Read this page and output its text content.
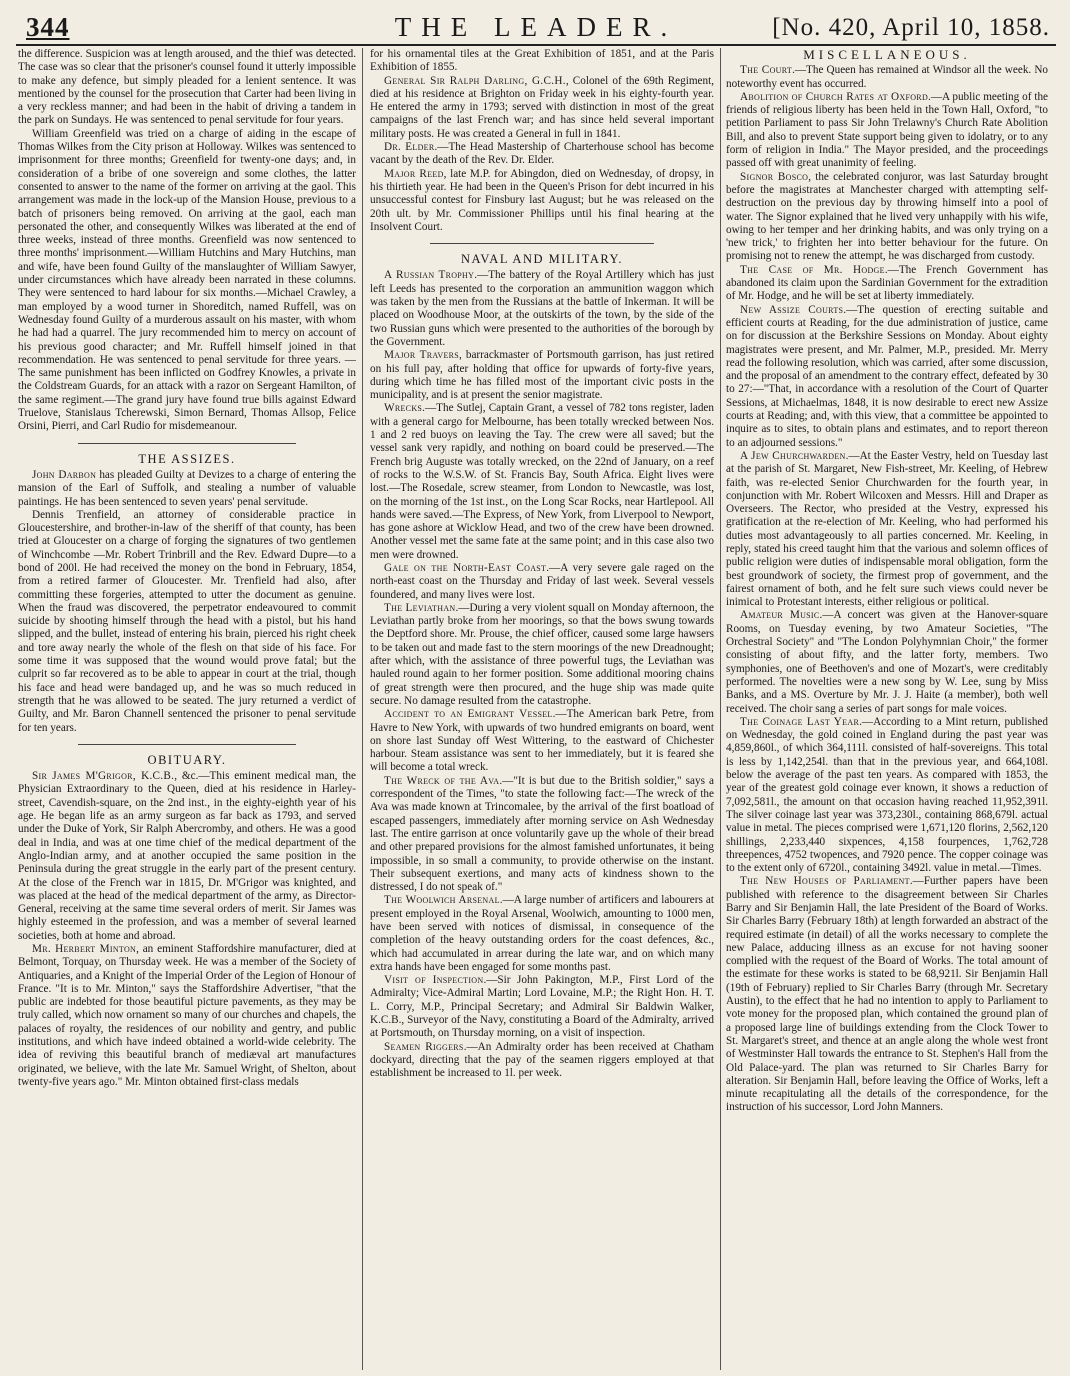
344	THE LEADER.	[No. 420, April 10, 1858.

the difference. Suspicion was at length aroused, and the thief was detected. The case was so clear that the prisoner's counsel found it utterly impossible to make any defence, but simply pleaded for a lenient sentence. It was mentioned by the counsel for the prosecution that Carter had been living in a very reckless manner; and had been in the habit of driving a tandem in the park on Sundays. He was sentenced to penal servitude for four years.

William Greenfield was tried on a charge of aiding in the escape of Thomas Wilkes from the City prison at Holloway. Wilkes was sentenced to imprisonment for three months; Greenfield for twenty-one days; and, in consideration of a bribe of one sovereign and some clothes, the latter consented to answer to the name of the former on arriving at the gaol. This arrangement was made in the lock-up of the Mansion House, previous to a batch of prisoners being removed. On arriving at the gaol, each man personated the other, and consequently Wilkes was liberated at the end of three weeks, instead of three months. Greenfield was now sentenced to three months' imprisonment.—William Hutchins and Mary Hutchins, man and wife, have been found Guilty of the manslaughter of William Sawyer, under circumstances which have already been narrated in these columns. They were sentenced to hard labour for six months.—Michael Crawley, a man employed by a wood turner in Shoreditch, named Ruffell, was on Wednesday found Guilty of a murderous assault on his master, with whom he had had a quarrel. The jury recommended him to mercy on account of his previous good character; and Mr. Ruffell himself joined in that recommendation. He was sentenced to penal servitude for three years. —The same punishment has been inflicted on Godfrey Knowles, a private in the Coldstream Guards, for an attack with a razor on Sergeant Hamilton, of the same regiment.—The grand jury have found true bills against Edward Truelove, Stanislaus Tcherewski, Simon Bernard, Thomas Allsop, Felice Orsini, Pierri, and Carl Rudio for misdemeanour.

THE ASSIZES.

John Darbon has pleaded Guilty at Devizes to a charge of entering the mansion of the Earl of Suffolk, and stealing a number of valuable paintings. He has been sentenced to seven years' penal servitude.

Dennis Trenfield, an attorney of considerable practice in Gloucestershire, and brother-in-law of the sheriff of that county, has been tried at Gloucester on a charge of forging the signatures of two gentlemen of Winchcombe —Mr. Robert Trinbrill and the Rev. Edward Dupre—to a bond of 200l. He had received the money on the bond in February, 1854, from a retired farmer of Gloucester. Mr. Trenfield had also, after committing these forgeries, attempted to utter the document as genuine. When the fraud was discovered, the perpetrator endeavoured to commit suicide by shooting himself through the head with a pistol, but his hand slipped, and the bullet, instead of entering his brain, pierced his right cheek and tore away nearly the whole of the flesh on that side of his face. For some time it was supposed that the wound would prove fatal; but the culprit so far recovered as to be able to appear in court at the trial, though his face and head were bandaged up, and he was so much reduced in strength that he was allowed to be seated. The jury returned a verdict of Guilty, and Mr. Baron Channell sentenced the prisoner to penal servitude for ten years.

OBITUARY.

Sir James M'Grigor, K.C.B., &c.—This eminent medical man, the Physician Extraordinary to the Queen, died at his residence in Harley-street, Cavendish-square, on the 2nd inst., in the eighty-eighth year of his age. He began life as an army surgeon as far back as 1793, and served under the Duke of York, Sir Ralph Abercromby, and others. He was a good deal in India, and was at one time chief of the medical department of the Anglo-Indian army, and at another occupied the same position in the Peninsula during the great struggle in the early part of the present century. At the close of the French war in 1815, Dr. M'Grigor was knighted, and was placed at the head of the medical department of the army, as Director-General, receiving at the same time several orders of merit. Sir James was highly esteemed in the profession, and was a member of several learned societies, both at home and abroad.

Mr. Herbert Minton, an eminent Staffordshire manufacturer, died at Belmont, Torquay, on Thursday week. He was a member of the Society of Antiquaries, and a Knight of the Imperial Order of the Legion of Honour of France. "It is to Mr. Minton," says the Staffordshire Advertiser, "that the public are indebted for those beautiful picture pavements, as they may be truly called, which now ornament so many of our churches and chapels, the palaces of royalty, the residences of our nobility and gentry, and public institutions, and which have indeed obtained a world-wide celebrity. The idea of reviving this beautiful branch of mediæval art manufactures originated, we believe, with the late Mr. Samuel Wright, of Shelton, about twenty-five years ago." Mr. Minton obtained first-class medals

for his ornamental tiles at the Great Exhibition of 1851, and at the Paris Exhibition of 1855.

General Sir Ralph Darling, G.C.H., Colonel of the 69th Regiment, died at his residence at Brighton on Friday week in his eighty-fourth year. He entered the army in 1793; served with distinction in most of the great campaigns of the last French war; and has since held several important military posts. He was created a General in full in 1841.

Dr. Elder.—The Head Mastership of Charterhouse school has become vacant by the death of the Rev. Dr. Elder.

Major Reed, late M.P. for Abingdon, died on Wednesday, of dropsy, in his thirtieth year. He had been in the Queen's Prison for debt incurred in his unsuccessful contest for Finsbury last August; but he was released on the 20th ult. by Mr. Commissioner Phillips until his final hearing at the Insolvent Court.

NAVAL AND MILITARY.

A Russian Trophy.—The battery of the Royal Artillery which has just left Leeds has presented to the corporation an ammunition waggon which was taken by the men from the Russians at the battle of Inkerman. It will be placed on Woodhouse Moor, at the outskirts of the town, by the side of the two Russian guns which were presented to the authorities of the borough by the Government.

Major Travers, barrackmaster of Portsmouth garrison, has just retired on his full pay, after holding that office for upwards of forty-five years, during which time he has filled most of the important civic posts in the municipality, and is at present the senior magistrate.

Wrecks.—The Sutlej, Captain Grant, a vessel of 782 tons register, laden with a general cargo for Melbourne, has been totally wrecked between Nos. 1 and 2 red buoys on leaving the Tay. The crew were all saved; but the vessel sank very rapidly, and nothing on board could be preserved.—The French brig Auguste was totally wrecked, on the 22nd of January, on a reef of rocks to the W.S.W. of St. Francis Bay, South Africa. Eight lives were lost.—The Rosedale, screw steamer, from London to Newcastle, was lost, on the morning of the 1st inst., on the Long Scar Rocks, near Hartlepool. All hands were saved.—The Express, of New York, from Liverpool to Newport, has gone ashore at Wicklow Head, and two of the crew have been drowned. Another vessel met the same fate at the same point; and in this case also two men were drowned.

Gale on the North-East Coast.—A very severe gale raged on the north-east coast on the Thursday and Friday of last week. Several vessels foundered, and many lives were lost.

The Leviathan.—During a very violent squall on Monday afternoon, the Leviathan partly broke from her moorings, so that the bows swung towards the Deptford shore. Mr. Prouse, the chief officer, caused some large hawsers to be taken out and made fast to the stern moorings of the new Dreadnought; after which, with the assistance of three powerful tugs, the Leviathan was hauled round again to her former position. Some additional mooring chains of great strength were then procured, and the huge ship was made quite secure. No damage resulted from the catastrophe.

Accident to an Emigrant Vessel.—The American bark Petre, from Havre to New York, with upwards of two hundred emigrants on board, went on shore last Sunday off West Wittering, to the eastward of Chichester harbour. Steam assistance was sent to her immediately, but it is feared she will become a total wreck.

The Wreck of the Ava.—"It is but due to the British soldier," says a correspondent of the Times, "to state the following fact:—The wreck of the Ava was made known at Trincomalee, by the arrival of the first boatload of escaped passengers, immediately after morning service on Ash Wednesday last. The entire garrison at once voluntarily gave up the whole of their bread and other prepared provisions for the almost famished unfortunates, it being impossible, in so small a community, to provide otherwise on the instant. Their subsequent exertions, and many acts of kindness shown to the distressed, I do not speak of."

The Woolwich Arsenal.—A large number of artificers and labourers at present employed in the Royal Arsenal, Woolwich, amounting to 1000 men, have been served with notices of dismissal, in consequence of the completion of the heavy outstanding orders for the coast defences, &c., which had accumulated in arrear during the late war, and on which many extra hands have been engaged for some months past.

Visit of Inspection.—Sir John Pakington, M.P., First Lord of the Admiralty; Vice-Admiral Martin; Lord Lovaine, M.P.; the Right Hon. H. T. L. Corry, M.P., Principal Secretary; and Admiral Sir Baldwin Walker, K.C.B., Surveyor of the Navy, constituting a Board of the Admiralty, arrived at Portsmouth, on Thursday morning, on a visit of inspection.

Seamen Riggers.—An Admiralty order has been received at Chatham dockyard, directing that the pay of the seamen riggers employed at that establishment be increased to 1l. per week.

MISCELLANEOUS.

The Court.—The Queen has remained at Windsor all the week. No noteworthy event has occurred.

Abolition of Church Rates at Oxford.—A public meeting of the friends of religious liberty has been held in the Town Hall, Oxford, "to petition Parliament to pass Sir John Trelawny's Church Rate Abolition Bill, and also to prevent State support being given to idolatry, or to any form of religion in India." The Mayor presided, and the proceedings passed off with great unanimity of feeling.

Signor Bosco, the celebrated conjuror, was last Saturday brought before the magistrates at Manchester charged with attempting self-destruction on the previous day by throwing himself into a pool of water. The Signor explained that he lived very unhappily with his wife, owing to her temper and her drinking habits, and was only trying on a 'new trick,' to frighten her into better behaviour for the future. On promising not to renew the attempt, he was discharged from custody.

The Case of Mr. Hodge.—The French Government has abandoned its claim upon the Sardinian Government for the extradition of Mr. Hodge, and he will be set at liberty immediately.

New Assize Courts.—The question of erecting suitable and efficient courts at Reading, for the due administration of justice, came on for discussion at the Berkshire Sessions on Monday. About eighty magistrates were present, and Mr. Palmer, M.P., presided. Mr. Merry read the following resolution, which was carried, after some discussion, and the proposal of an amendment to the contrary effect, defeated by 30 to 27:—"That, in accordance with a resolution of the Court of Quarter Sessions, at Michaelmas, 1848, it is now desirable to erect new Assize courts at Reading; and, with this view, that a committee be appointed to inquire as to sites, to obtain plans and estimates, and to report thereon to an adjourned sessions."

A Jew Churchwarden.—At the Easter Vestry, held on Tuesday last at the parish of St. Margaret, New Fish-street, Mr. Keeling, of Hebrew faith, was re-elected Senior Churchwarden for the fourth year, in conjunction with Mr. Robert Wilcoxen and Messrs. Hill and Draper as Overseers. The Rector, who presided at the Vestry, expressed his gratification at the re-election of Mr. Keeling, who had performed his duties most advantageously to all parties concerned. Mr. Keeling, in reply, stated his creed taught him that the various and solemn offices of public religion were duties of indispensable moral obligation, form the best groundwork of society, the firmest prop of government, and the fairest ornament of both, and he felt sure such views could never be inimical to Protestant interests, either religious or political.

Amateur Music.—A concert was given at the Hanover-square Rooms, on Tuesday evening, by two Amateur Societies, "The Orchestral Society" and "The London Polyhymnian Choir," the former consisting of about fifty, and the latter forty, members. Two symphonies, one of Beethoven's and one of Mozart's, were creditably performed. The novelties were a new song by W. Lee, sung by Miss Banks, and a MS. Overture by Mr. J. J. Haite (a member), both well received. The choir sang a series of part songs for male voices.

The Coinage Last Year.—According to a Mint return, published on Wednesday, the gold coined in England during the past year was 4,859,860l., of which 364,111l. consisted of half-sovereigns. This total is less by 1,142,254l. than that in the previous year, and 664,108l. below the average of the past ten years. As compared with 1853, the year of the greatest gold coinage ever known, it shows a reduction of 7,092,581l., the amount on that occasion having reached 11,952,391l. The silver coinage last year was 373,230l., containing 868,679l. actual value in metal. The pieces comprised were 1,671,120 florins, 2,562,120 shillings, 2,233,440 sixpences, 4,158 fourpences, 1,762,728 threepences, 4752 twopences, and 7920 pence. The copper coinage was to the extent only of 6720l., containing 3492l. value in metal.—Times.

The New Houses of Parliament.—Further papers have been published with reference to the disagreement between Sir Charles Barry and Sir Benjamin Hall, the late President of the Board of Works. Sir Charles Barry (February 18th) at length forwarded an abstract of the required estimate (in detail) of all the works necessary to complete the new Palace, adducing illness as an excuse for not having sooner complied with the request of the Board of Works. The total amount of the estimate for these works is stated to be 68,921l. Sir Benjamin Hall (19th of February) replied to Sir Charles Barry (through Mr. Secretary Austin), to the effect that he had no intention to apply to Parliament to vote money for the proposed plan, which contained the ground plan of a proposed large line of buildings extending from the Clock Tower to St. Margaret's street, and thence at an angle along the whole west front of Westminster Hall towards the entrance to St. Stephen's Hall from the Old Palace-yard. The plan was returned to Sir Charles Barry for alteration. Sir Benjamin Hall, before leaving the Office of Works, left a minute recapitulating all the details of the correspondence, for the instruction of his successor, Lord John Manners.
